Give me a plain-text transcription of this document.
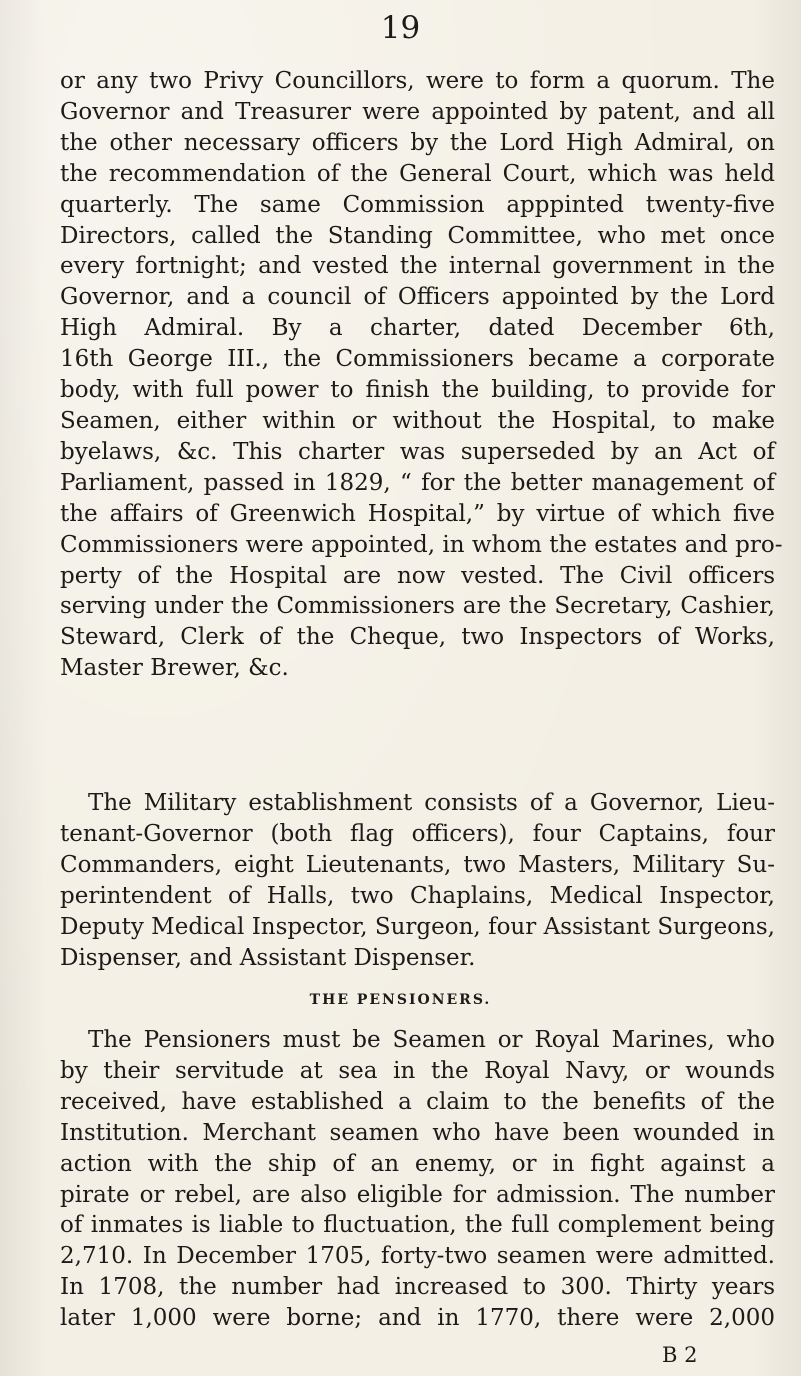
19
or any two Privy Councillors, were to form a quorum. The
Governor and Treasurer were appointed by patent, and all
the other necessary officers by the Lord High Admiral, on
the recommendation of the General Court, which was held
quarterly. The same Commission apppinted twenty-five
Directors, called the Standing Committee, who met once
every fortnight; and vested the internal government in the
Governor, and a council of Officers appointed by the Lord
High Admiral. By a charter, dated December 6th,
16th George III., the Commissioners became a corporate
body, with full power to finish the building, to provide for
Seamen, either within or without the Hospital, to make
byelaws, &c. This charter was superseded by an Act of
Parliament, passed in 1829, “ for the better management of
the affairs of Greenwich Hospital,” by virtue of which five
Commissioners were appointed, in whom the estates and pro-
perty of the Hospital are now vested. The Civil officers
serving under the Commissioners are the Secretary, Cashier,
Steward, Clerk of the Cheque, two Inspectors of Works,
Master Brewer, &c.
The Military establishment consists of a Governor, Lieu-
tenant-Governor (both flag officers), four Captains, four
Commanders, eight Lieutenants, two Masters, Military Su-
perintendent of Halls, two Chaplains, Medical Inspector,
Deputy Medical Inspector, Surgeon, four Assistant Surgeons,
Dispenser, and Assistant Dispenser.
THE PENSIONERS.
The Pensioners must be Seamen or Royal Marines, who
by their servitude at sea in the Royal Navy, or wounds
received, have established a claim to the benefits of the
Institution. Merchant seamen who have been wounded in
action with the ship of an enemy, or in fight against a
pirate or rebel, are also eligible for admission. The number
of inmates is liable to fluctuation, the full complement being
2,710. In December 1705, forty-two seamen were admitted.
In 1708, the number had increased to 300. Thirty years
later 1,000 were borne; and in 1770, there were 2,000
B 2
